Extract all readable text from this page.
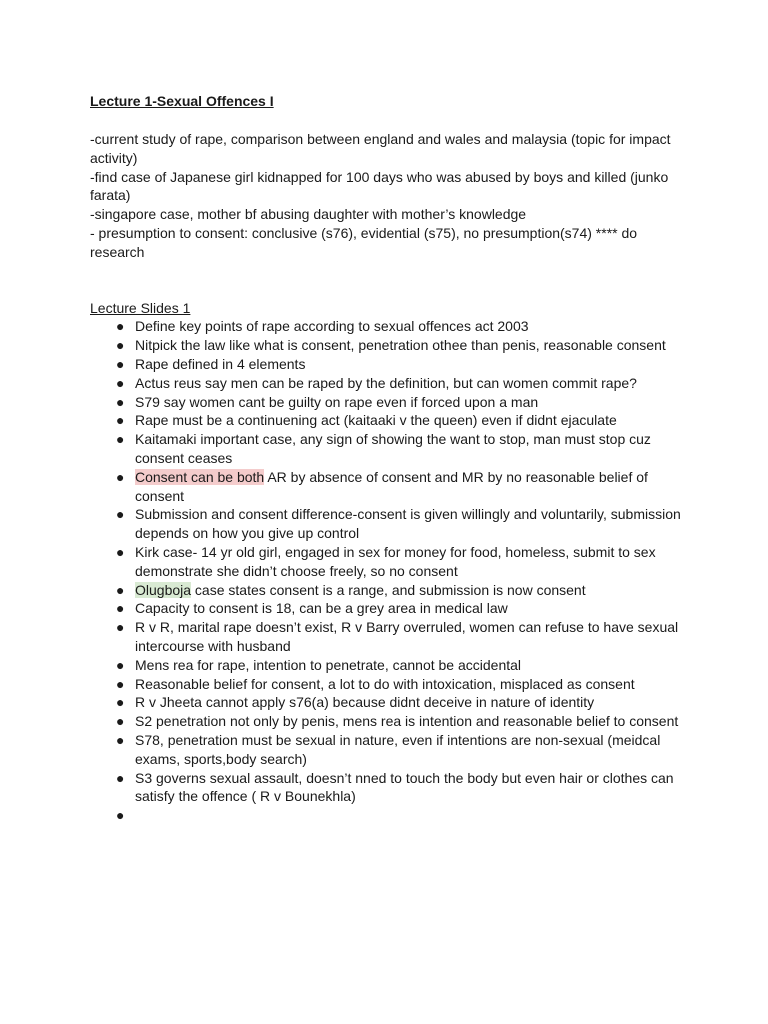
Lecture 1-Sexual Offences I

-current study of rape, comparison between england and wales and malaysia (topic for impact activity)

-find case of Japanese girl kidnapped for 100 days who was abused by boys and killed (junko farata)

-singapore case, mother bf abusing daughter with mother’s knowledge

- presumption to consent: conclusive (s76), evidential (s75), no presumption(s74) **** do research

Lecture Slides 1
● Define key points of rape according to sexual offences act 2003
● Nitpick the law like what is consent, penetration othee than penis, reasonable consent
● Rape defined in 4 elements
● Actus reus say men can be raped by the definition, but can women commit rape?
● S79 say women cant be guilty on rape even if forced upon a man
● Rape must be a continuening act (kaitaaki v the queen) even if didnt ejaculate
● Kaitamaki important case, any sign of showing the want to stop, man must stop cuz consent ceases
● Consent can be both AR by absence of consent and MR by no reasonable belief of consent
● Submission and consent difference-consent is given willingly and voluntarily, submission depends on how you give up control
● Kirk case- 14 yr old girl, engaged in sex for money for food, homeless, submit to sex demonstrate she didn’t choose freely, so no consent
● Olugboja case states consent is a range, and submission is now consent
● Capacity to consent is 18, can be a grey area in medical law
● R v R, marital rape doesn’t exist, R v Barry overruled, women can refuse to have sexual intercourse with husband
● Mens rea for rape, intention to penetrate, cannot be accidental
● Reasonable belief for consent, a lot to do with intoxication, misplaced as consent
● R v Jheeta cannot apply s76(a) because didnt deceive in nature of identity
● S2 penetration not only by penis, mens rea is intention and reasonable belief to consent
● S78, penetration must be sexual in nature, even if intentions are non-sexual (meidcal exams, sports,body search)
● S3 governs sexual assault, doesn’t nned to touch the body but even hair or clothes can satisfy the offence ( R v Bounekhla)
●
